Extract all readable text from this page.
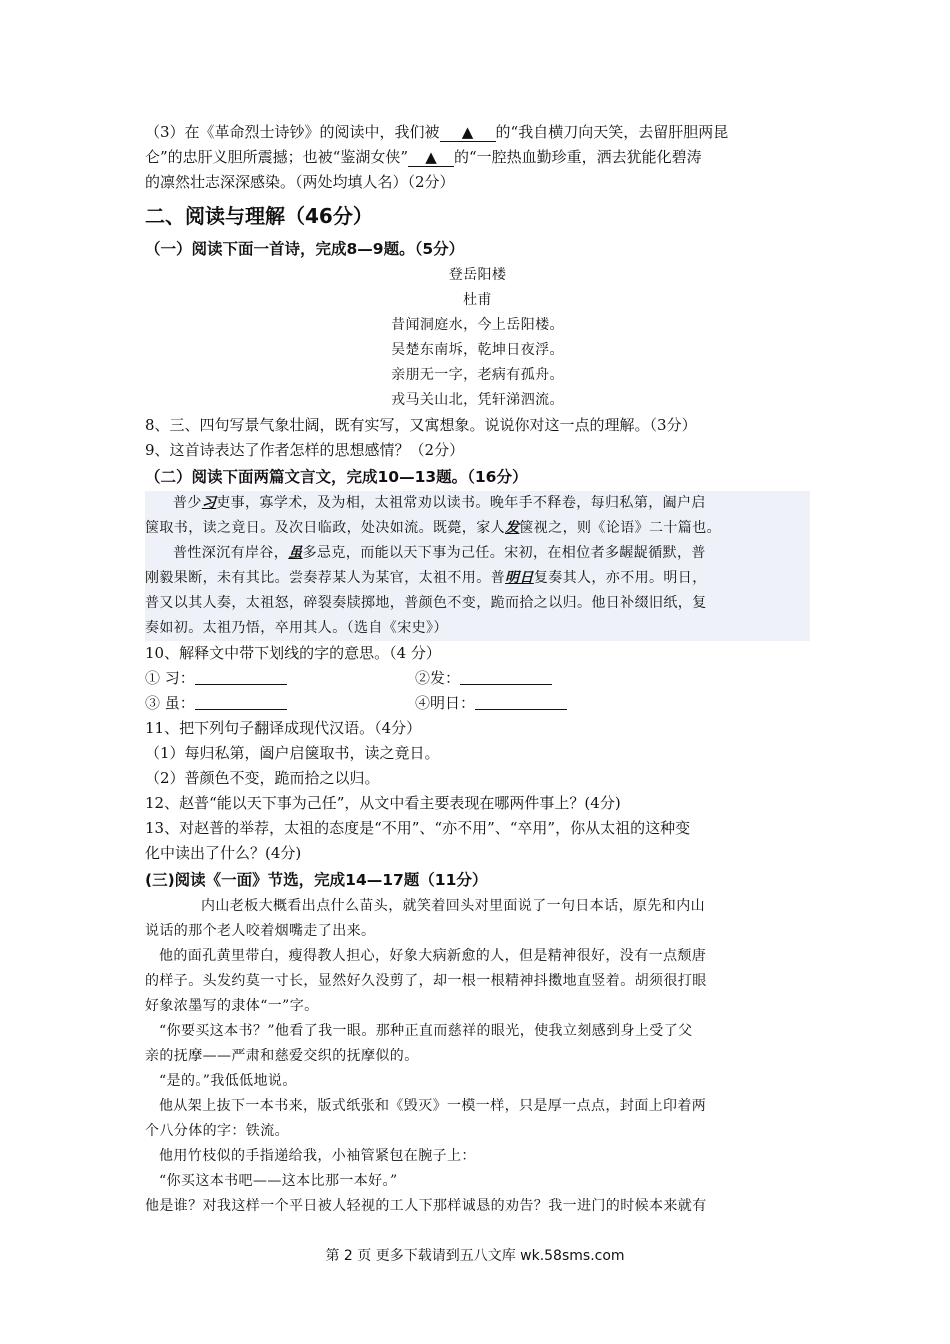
（3）在《革命烈士诗钞》的阅读中，我们被 ▲ 的“我自横刀向天笑，去留肝胆两昆
仑”的忠肝义胆所震撼；也被“鉴湖女侠” ▲ 的“一腔热血勤珍重，洒去犹能化碧涛
的凛然壮志深深感染。（两处均填人名）（2分）
二、阅读与理解（46分）
（一）阅读下面一首诗，完成8—9题。（5分）
登岳阳楼
杜甫
昔闻洞庭水，今上岳阳楼。
吴楚东南坼，乾坤日夜浮。
亲朋无一字，老病有孤舟。
戎马关山北，凭轩涕泗流。
8、三、四句写景气象壮阔，既有实写，又寓想象。说说你对这一点的理解。（3分）
9、这首诗表达了作者怎样的思想感情？（2分）
（二）阅读下面两篇文言文，完成10—13题。（16分）
普少习吏事，寡学术，及为相，太祖常劝以读书。晚年手不释卷，每归私第，阖户启
箧取书，读之竟日。及次日临政，处决如流。既薨，家人发箧视之，则《论语》二十篇也。
普性深沉有岸谷，虽多忌克，而能以天下事为己任。宋初，在相位者多龌龊循默，普
刚毅果断，未有其比。尝奏荐某人为某官，太祖不用。普明日复奏其人，亦不用。明日，
普又以其人奏，太祖怒，碎裂奏牍掷地，普颜色不变，跪而拾之以归。他日补缀旧纸，复
奏如初。太祖乃悟，卒用其人。（选自《宋史》）
10、解释文中带下划线的字的意思。（4 分）
① 习：	②发：
③ 虽：	④明日：
11、把下列句子翻译成现代汉语。（4分）
（1）每归私第，阖户启箧取书，读之竟日。
（2）普颜色不变，跪而拾之以归。
12、赵普“能以天下事为己任”，从文中看主要表现在哪两件事上？(4分)
13、对赵普的举荐，太祖的态度是“不用”、“亦不用”、“卒用”，你从太祖的这种变
化中读出了什么？(4分)
(三)阅读《一面》节选，完成14—17题（11分）
内山老板大概看出点什么苗头，就笑着回头对里面说了一句日本话，原先和内山
说话的那个老人咬着烟嘴走了出来。
他的面孔黄里带白，瘦得教人担心，好象大病新愈的人，但是精神很好，没有一点颓唐
的样子。头发约莫一寸长，显然好久没剪了，却一根一根精神抖擞地直竖着。胡须很打眼
好象浓墨写的隶体“一”字。
“你要买这本书？”他看了我一眼。那种正直而慈祥的眼光，使我立刻感到身上受了父
亲的抚摩——严肃和慈爱交织的抚摩似的。
“是的。”我低低地说。
他从架上抜下一本书来，版式纸张和《毁灭》一模一样，只是厚一点点，封面上印着两
个八分体的字：铁流。
他用竹枝似的手指递给我，小袖管紧包在腕子上：
“你买这本书吧——这本比那一本好。”
他是谁？对我这样一个平日被人轻视的工人下那样诚恳的劝告？我一进门的时候本来就有
第 2 页 更多下载请到五八文库 wk.58sms.com
